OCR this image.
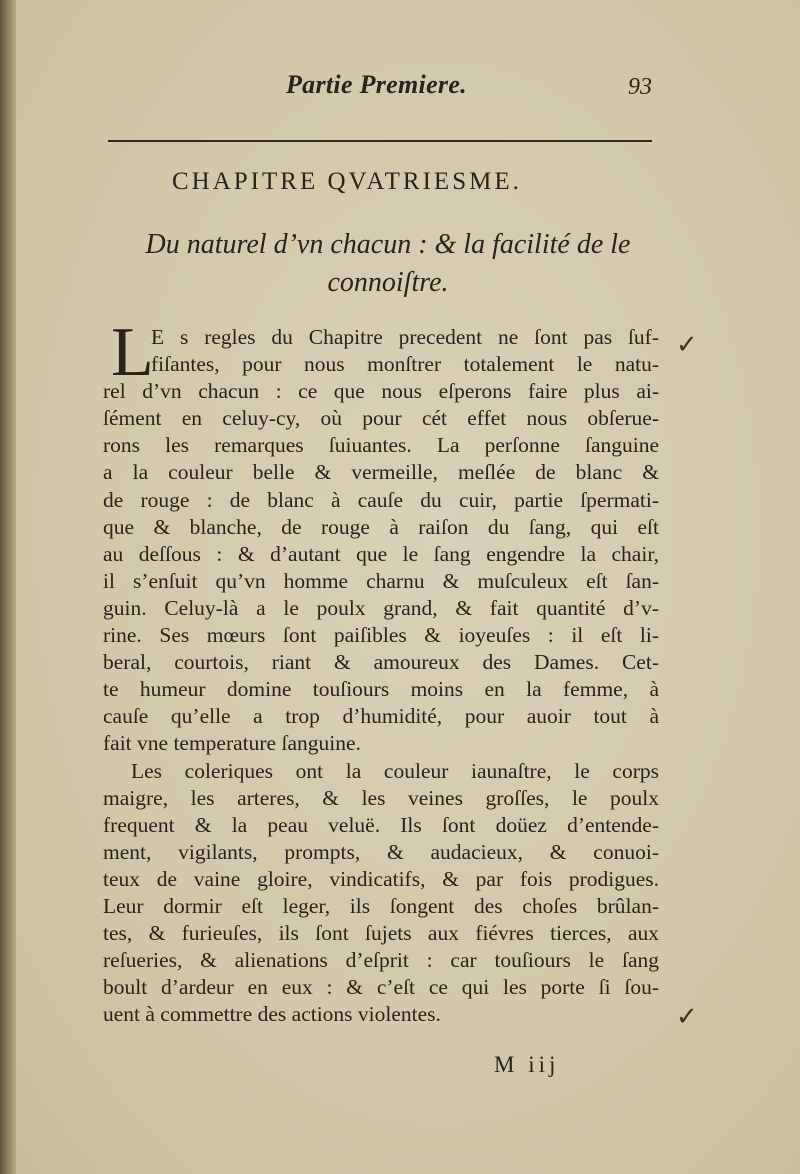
Partie Premiere.	93
CHAPITRE QVATRIESME.
Du naturel d’vn chacun : & la facilité de le
connoiſtre.
L
E s regles du Chapitre precedent ne ſont pas ſuf-
fiſantes, pour nous monſtrer totalement le natu-
rel d’vn chacun : ce que nous eſperons faire plus ai-
ſément en celuy-cy, où pour cét effet nous obſerue-
rons les remarques ſuiuantes. La perſonne ſanguine
a la couleur belle & vermeille, meſlée de blanc &
de rouge : de blanc à cauſe du cuir, partie ſpermati-
que & blanche, de rouge à raiſon du ſang, qui eſt
au deſſous : & d’autant que le ſang engendre la chair,
il s’enſuit qu’vn homme charnu & muſculeux eſt ſan-
guin. Celuy-là a le poulx grand, & fait quantité d’v-
rine. Ses mœurs ſont paiſibles & ioyeuſes : il eſt li-
beral, courtois, riant & amoureux des Dames. Cet-
te humeur domine touſiours moins en la femme, à
cauſe qu’elle a trop d’humidité, pour auoir tout à
fait vne temperature ſanguine.
Les coleriques ont la couleur iaunaſtre, le corps
maigre, les arteres, & les veines groſſes, le poulx
frequent & la peau veluë. Ils ſont doüez d’entende-
ment, vigilants, prompts, & audacieux, & conuoi-
teux de vaine gloire, vindicatifs, & par fois prodigues.
Leur dormir eſt leger, ils ſongent des choſes brûlan-
tes, & furieuſes, ils ſont ſujets aux fiévres tierces, aux
reſueries, & alienations d’eſprit : car touſiours le ſang
boult d’ardeur en eux : & c’eſt ce qui les porte ſi ſou-
uent à commettre des actions violentes.
M iij
✓
✓
